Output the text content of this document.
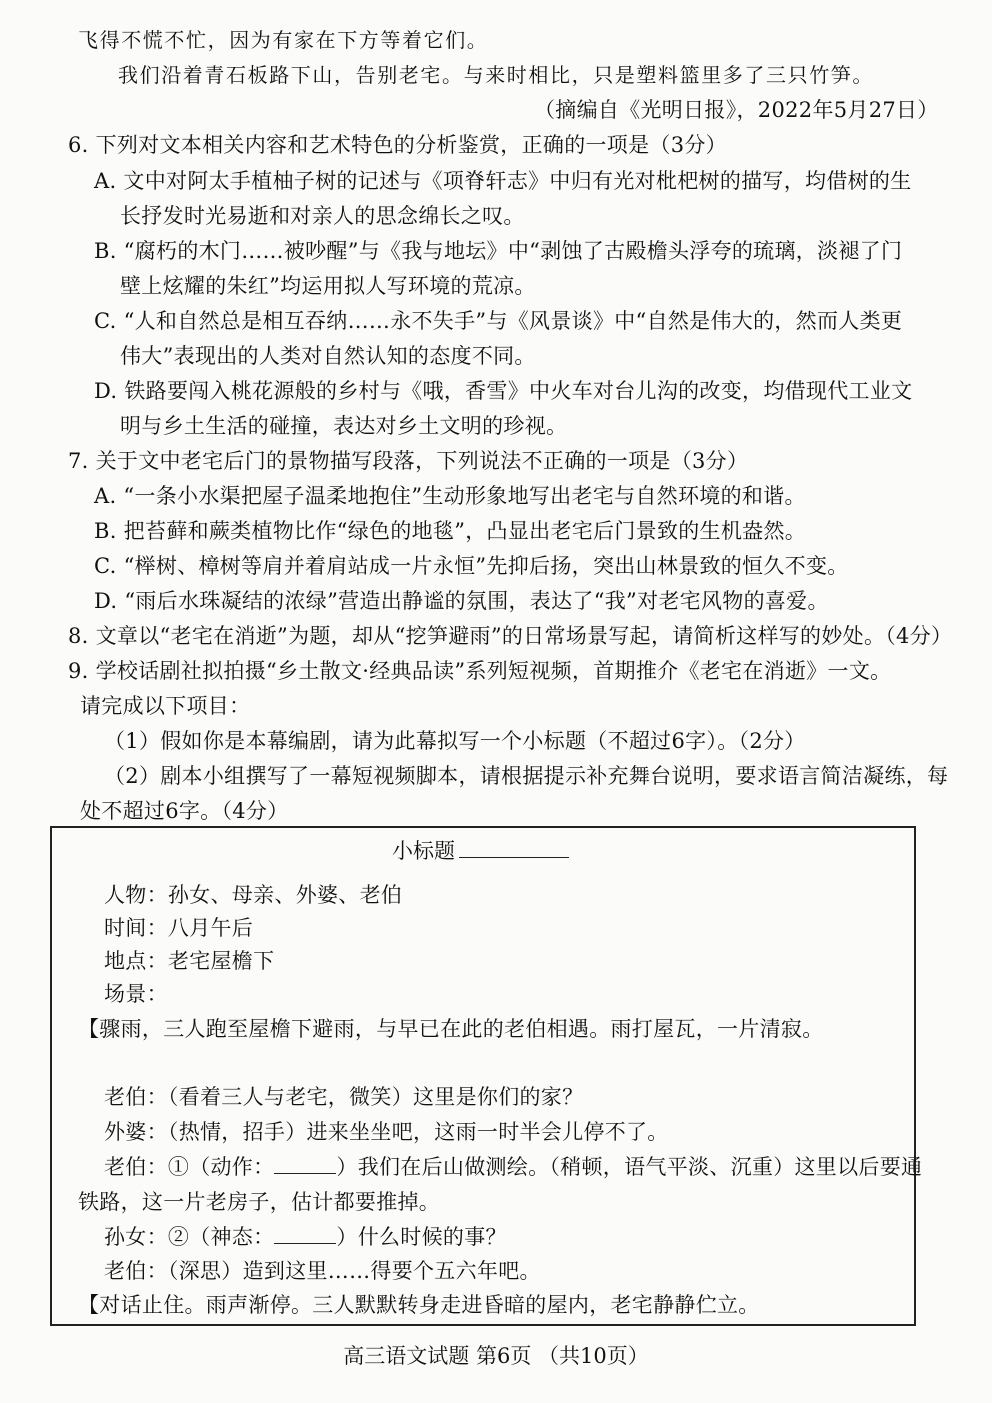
飞得不慌不忙，因为有家在下方等着它们。
我们沿着青石板路下山，告别老宅。与来时相比，只是塑料篮里多了三只竹笋。
（摘编自《光明日报》，2022年5月27日）
6. 下列对文本相关内容和艺术特色的分析鉴赏，正确的一项是（3分）
A. 文中对阿太手植柚子树的记述与《项脊轩志》中归有光对枇杷树的描写，均借树的生
长抒发时光易逝和对亲人的思念绵长之叹。
B. “腐朽的木门……被吵醒”与《我与地坛》中“剥蚀了古殿檐头浮夸的琉璃，淡褪了门
壁上炫耀的朱红”均运用拟人写环境的荒凉。
C. “人和自然总是相互吞纳……永不失手”与《风景谈》中“自然是伟大的，然而人类更
伟大”表现出的人类对自然认知的态度不同。
D. 铁路要闯入桃花源般的乡村与《哦，香雪》中火车对台儿沟的改变，均借现代工业文
明与乡土生活的碰撞，表达对乡土文明的珍视。
7. 关于文中老宅后门的景物描写段落，下列说法不正确的一项是（3分）
A. “一条小水渠把屋子温柔地抱住”生动形象地写出老宅与自然环境的和谐。
B. 把苔藓和蕨类植物比作“绿色的地毯”，凸显出老宅后门景致的生机盎然。
C. “榉树、樟树等肩并着肩站成一片永恒”先抑后扬，突出山林景致的恒久不变。
D. “雨后水珠凝结的浓绿”营造出静谧的氛围，表达了“我”对老宅风物的喜爱。
8. 文章以“老宅在消逝”为题，却从“挖笋避雨”的日常场景写起，请简析这样写的妙处。（4分）
9. 学校话剧社拟拍摄“乡土散文·经典品读”系列短视频，首期推介《老宅在消逝》一文。
请完成以下项目：
（1）假如你是本幕编剧，请为此幕拟写一个小标题（不超过6字）。（2分）
（2）剧本小组撰写了一幕短视频脚本，请根据提示补充舞台说明，要求语言简洁凝练，每
处不超过6字。（4分）
小标题
人物：孙女、母亲、外婆、老伯
时间：八月午后
地点：老宅屋檐下
场景：
【骤雨，三人跑至屋檐下避雨，与早已在此的老伯相遇。雨打屋瓦，一片清寂。
老伯：（看着三人与老宅，微笑）这里是你们的家？
外婆：（热情，招手）进来坐坐吧，这雨一时半会儿停不了。
老伯：①（动作：	）我们在后山做测绘。（稍顿，语气平淡、沉重）这里以后要通
铁路，这一片老房子，估计都要推掉。
孙女：②（神态：	）什么时候的事？
老伯：（深思）造到这里……得要个五六年吧。
【对话止住。雨声渐停。三人默默转身走进昏暗的屋内，老宅静静伫立。
高三语文试题 第6页 （共10页）
